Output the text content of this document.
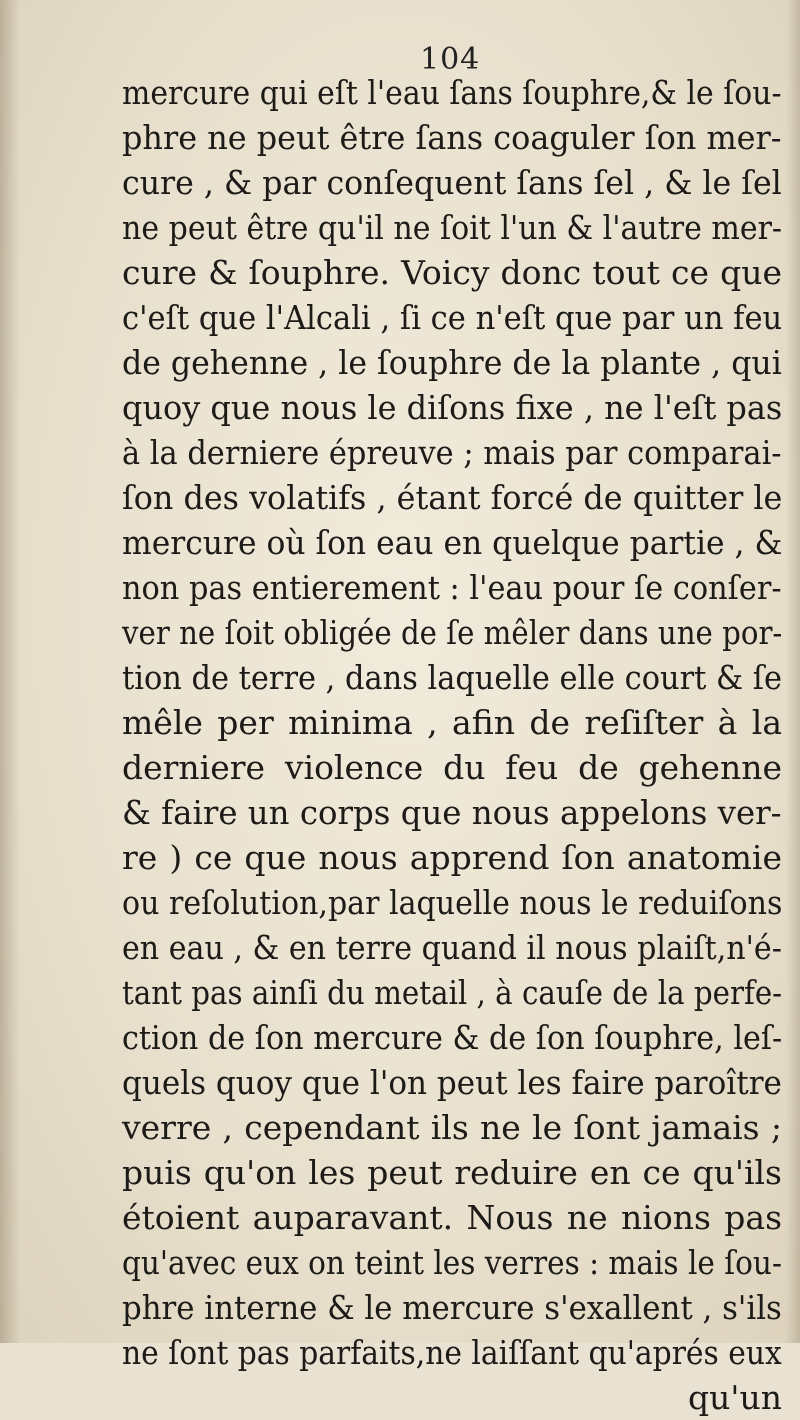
104
mercure qui eſt l'eau ſans ſouphre,& le ſou-
phre ne peut être ſans coaguler ſon mer-
cure , & par conſequent ſans ſel , & le ſel
ne peut être qu'il ne ſoit l'un & l'autre mer-
cure & ſouphre. Voicy donc tout ce que
c'eſt que l'Alcali , ſi ce n'eſt que par un feu
de gehenne , le ſouphre de la plante , qui
quoy que nous le diſons fixe , ne l'eſt pas
à la derniere épreuve ; mais par comparai-
ſon des volatifs , étant forcé de quitter le
mercure où ſon eau en quelque partie , &
non pas entierement : l'eau pour ſe conſer-
ver ne ſoit obligée de ſe mêler dans une por-
tion de terre , dans laquelle elle court & ſe
mêle per minima , afin de reſiſter à la
derniere violence du feu de gehenne
& faire un corps que nous appelons ver-
re ) ce que nous apprend ſon anatomie
ou reſolution,par laquelle nous le reduiſons
en eau , & en terre quand il nous plaiſt,n'é-
tant pas ainſi du metail , à cauſe de la perfe-
ction de ſon mercure & de ſon ſouphre, leſ-
quels quoy que l'on peut les faire paroître
verre , cependant ils ne le ſont jamais ;
puis qu'on les peut reduire en ce qu'ils
étoient auparavant. Nous ne nions pas
qu'avec eux on teint les verres : mais le ſou-
phre interne & le mercure s'exallent , s'ils
ne ſont pas parfaits,ne laiſſant qu'aprés eux
qu'un
